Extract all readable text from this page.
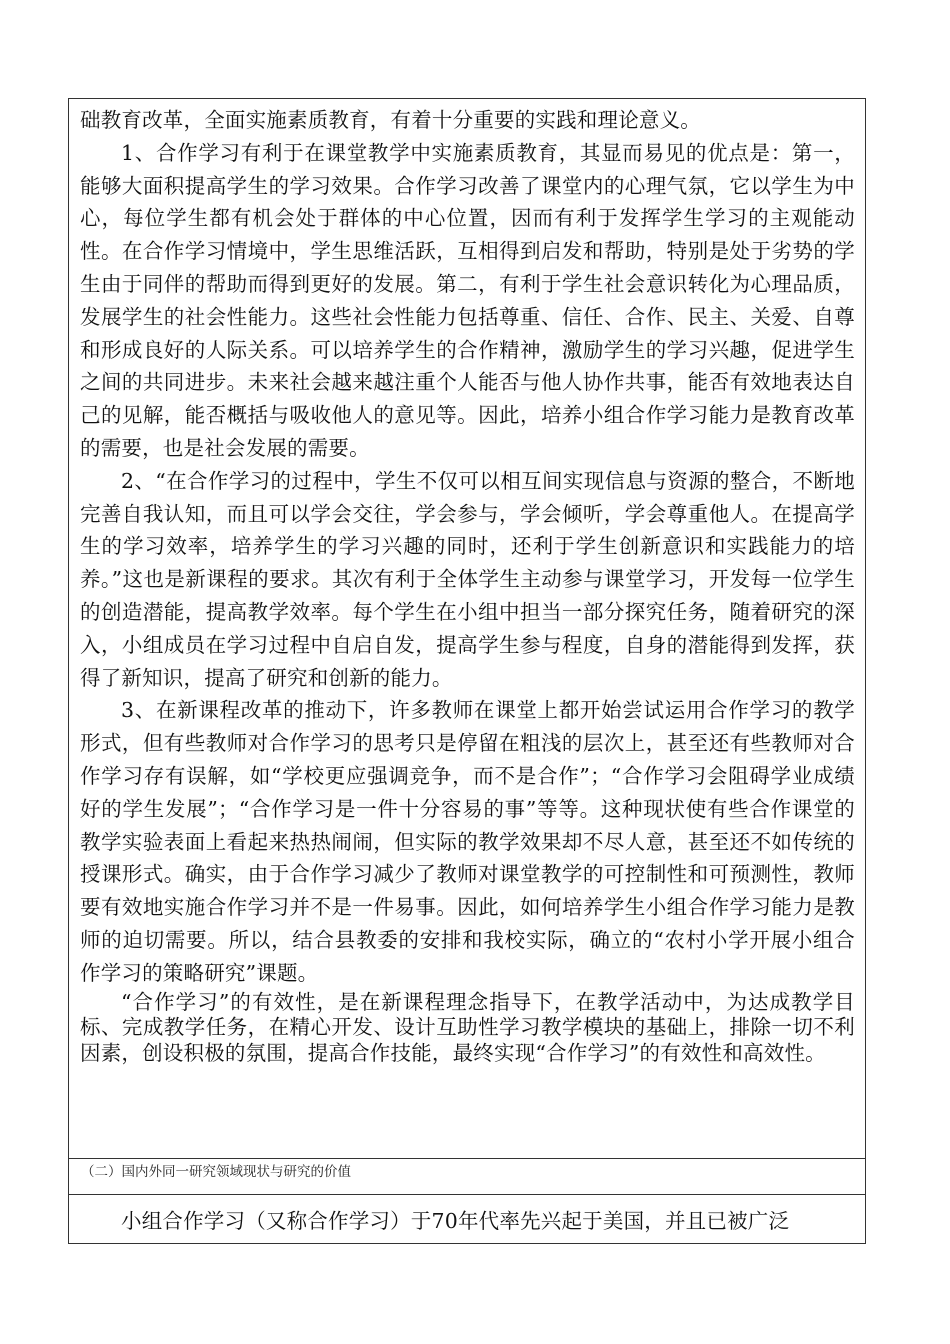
础教育改革，全面实施素质教育，有着十分重要的实践和理论意义。

1、合作学习有利于在课堂教学中实施素质教育，其显而易见的优点是：第一，能够大面积提高学生的学习效果。合作学习改善了课堂内的心理气氛，它以学生为中心，每位学生都有机会处于群体的中心位置，因而有利于发挥学生学习的主观能动性。在合作学习情境中，学生思维活跃，互相得到启发和帮助，特别是处于劣势的学生由于同伴的帮助而得到更好的发展。第二，有利于学生社会意识转化为心理品质，发展学生的社会性能力。这些社会性能力包括尊重、信任、合作、民主、关爱、自尊和形成良好的人际关系。可以培养学生的合作精神，激励学生的学习兴趣，促进学生之间的共同进步。未来社会越来越注重个人能否与他人协作共事，能否有效地表达自己的见解，能否概括与吸收他人的意见等。因此，培养小组合作学习能力是教育改革的需要，也是社会发展的需要。

2、“在合作学习的过程中，学生不仅可以相互间实现信息与资源的整合，不断地完善自我认知，而且可以学会交往，学会参与，学会倾听，学会尊重他人。在提高学生的学习效率，培养学生的学习兴趣的同时，还利于学生创新意识和实践能力的培养。”这也是新课程的要求。其次有利于全体学生主动参与课堂学习，开发每一位学生的创造潜能，提高教学效率。每个学生在小组中担当一部分探究任务，随着研究的深入，小组成员在学习过程中自启自发，提高学生参与程度，自身的潜能得到发挥，获得了新知识，提高了研究和创新的能力。

3、在新课程改革的推动下，许多教师在课堂上都开始尝试运用合作学习的教学形式，但有些教师对合作学习的思考只是停留在粗浅的层次上，甚至还有些教师对合作学习存有误解，如“学校更应强调竞争，而不是合作”；“合作学习会阻碍学业成绩好的学生发展”；“合作学习是一件十分容易的事”等等。这种现状使有些合作课堂的教学实验表面上看起来热热闹闹，但实际的教学效果却不尽人意，甚至还不如传统的授课形式。确实，由于合作学习减少了教师对课堂教学的可控制性和可预测性，教师要有效地实施合作学习并不是一件易事。因此，如何培养学生小组合作学习能力是教师的迫切需要。所以，结合县教委的安排和我校实际，确立的“农村小学开展小组合作学习的策略研究”课题。

“合作学习”的有效性，是在新课程理念指导下，在教学活动中，为达成教学目标、完成教学任务，在精心开发、设计互助性学习教学模块的基础上，排除一切不利因素，创设积极的氛围，提高合作技能，最终实现“合作学习”的有效性和高效性。

（二）国内外同一研究领域现状与研究的价值
小组合作学习（又称合作学习）于70年代率先兴起于美国，并且已被广泛
